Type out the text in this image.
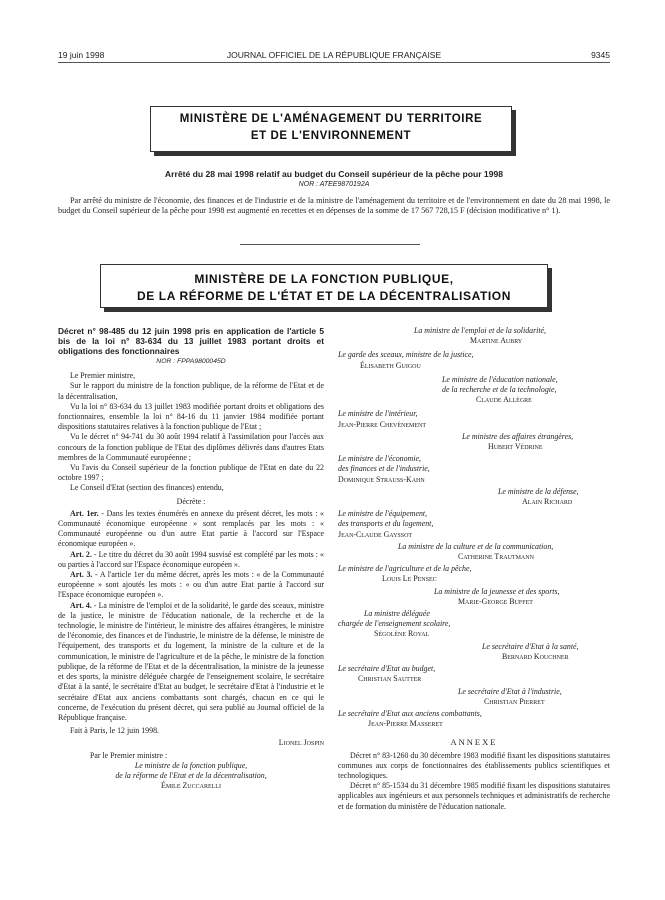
19 juin 1998	JOURNAL OFFICIEL DE LA RÉPUBLIQUE FRANÇAISE	9345
MINISTÈRE DE L'AMÉNAGEMENT DU TERRITOIRE
ET DE L'ENVIRONNEMENT
Arrêté du 28 mai 1998 relatif au budget du Conseil supérieur de la pêche pour 1998
NOR : ATEE9870192A
Par arrêté du ministre de l'économie, des finances et de l'industrie et de la ministre de l'aménagement du territoire et de l'environnement en date du 28 mai 1998, le budget du Conseil supérieur de la pêche pour 1998 est augmenté en recettes et en dépenses de la somme de 17 567 728,15 F (décision modificative n° 1).
MINISTÈRE DE LA FONCTION PUBLIQUE,
DE LA RÉFORME DE L'ÉTAT ET DE LA DÉCENTRALISATION

Décret n° 98-485 du 12 juin 1998 pris en application de l'article 5 bis de la loi n° 83-634 du 13 juillet 1983 portant droits et obligations des fonctionnaires

NOR : FPPA9800045D

Le Premier ministre,

Sur le rapport du ministre de la fonction publique, de la réforme de l'Etat et de la décentralisation,

Vu la loi n° 83-634 du 13 juillet 1983 modifiée portant droits et obligations des fonctionnaires, ensemble la loi n° 84-16 du 11 janvier 1984 modifiée portant dispositions statutaires relatives à la fonction publique de l'Etat ;

Vu le décret n° 94-741 du 30 août 1994 relatif à l'assimilation pour l'accès aux concours de la fonction publique de l'Etat des diplômes délivrés dans d'autres Etats membres de la Communauté européenne ;

Vu l'avis du Conseil supérieur de la fonction publique de l'Etat en date du 22 octobre 1997 ;

Le Conseil d'Etat (section des finances) entendu,

Décrète :

Art. 1er. - Dans les textes énumérés en annexe du présent décret, les mots : « Communauté économique européenne » sont remplacés par les mots : « Communauté européenne ou d'un autre Etat partie à l'accord sur l'Espace économique européen ».

Art. 2. - Le titre du décret du 30 août 1994 susvisé est complété par les mots : « ou parties à l'accord sur l'Espace économique européen ».

Art. 3. - A l'article 1er du même décret, après les mots : « de la Communauté européenne » sont ajoutés les mots : « ou d'un autre Etat partie à l'accord sur l'Espace économique européen ».

Art. 4. - La ministre de l'emploi et de la solidarité, le garde des sceaux, ministre de la justice, le ministre de l'éducation nationale, de la recherche et de la technologie, le ministre de l'intérieur, le ministre des affaires étrangères, le ministre de l'économie, des finances et de l'industrie, le ministre de la défense, le ministre de l'équipement, des transports et du logement, la ministre de la culture et de la communication, le ministre de l'agriculture et de la pêche, le ministre de la fonction publique, de la réforme de l'Etat et de la décentralisation, la ministre de la jeunesse et des sports, la ministre déléguée chargée de l'enseignement scolaire, le secrétaire d'Etat à la santé, le secrétaire d'Etat au budget, le secrétaire d'Etat à l'industrie et le secrétaire d'Etat aux anciens combattants sont chargés, chacun en ce qui le concerne, de l'exécution du présent décret, qui sera publié au Journal officiel de la République française.

Fait à Paris, le 12 juin 1998.

Lionel Jospin

Par le Premier ministre :

Le ministre de la fonction publique,

de la réforme de l'Etat et de la décentralisation,

Émile Zuccarelli

La ministre de l'emploi et de la solidarité,
Martine Aubry
Le garde des sceaux, ministre de la justice,
Élisabeth Guigou
Le ministre de l'éducation nationale,
de la recherche et de la technologie,
Claude Allègre
Le ministre de l'intérieur,
Jean-Pierre Chevènement
Le ministre des affaires étrangères,
Hubert Védrine
Le ministre de l'économie,
des finances et de l'industrie,
Dominique Strauss-Kahn
Le ministre de la défense,
Alain Richard
Le ministre de l'équipement,
des transports et du logement,
Jean-Claude Gayssot
La ministre de la culture et de la communication,
Catherine Trautmann
Le ministre de l'agriculture et de la pêche,
Louis Le Pensec
La ministre de la jeunesse et des sports,
Marie-George Buffet
La ministre déléguée
chargée de l'enseignement scolaire,
Ségolène Royal
Le secrétaire d'Etat à la santé,
Bernard Kouchner
Le secrétaire d'Etat au budget,
Christian Sautter
Le secrétaire d'Etat à l'industrie,
Christian Pierret
Le secrétaire d'Etat aux anciens combattants,
Jean-Pierre Masseret
ANNEXE

Décret n° 83-1260 du 30 décembre 1983 modifié fixant les dispositions statutaires communes aux corps de fonctionnaires des établissements publics scientifiques et technologiques.

Décret n° 85-1534 du 31 décembre 1985 modifié fixant les dispositions statutaires applicables aux ingénieurs et aux personnels techniques et administratifs de recherche et de formation du ministère de l'éducation nationale.
